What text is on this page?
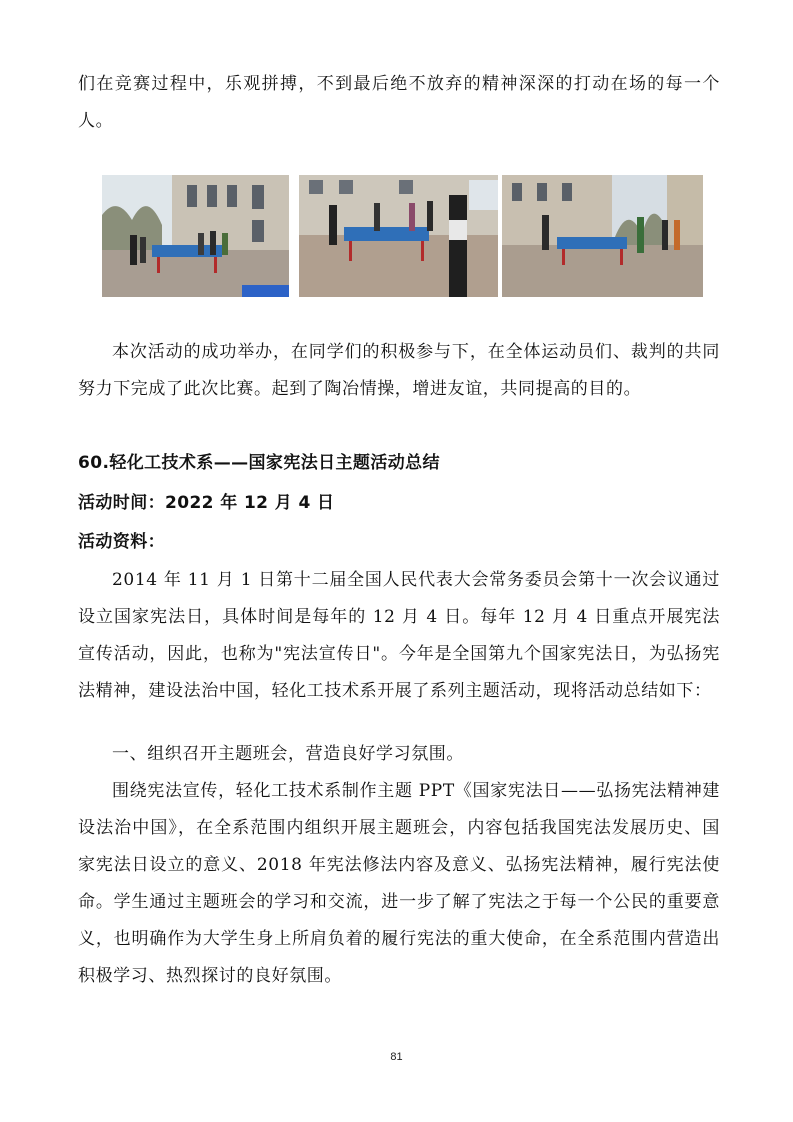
们在竞赛过程中，乐观拼搏，不到最后绝不放弃的精神深深的打动在场的每一个人。

本次活动的成功举办，在同学们的积极参与下，在全体运动员们、裁判的共同努力下完成了此次比赛。起到了陶冶情操，增进友谊，共同提高的目的。

60.轻化工技术系——国家宪法日主题活动总结
活动时间：2022 年 12 月 4 日
活动资料：

2014 年 11 月 1 日第十二届全国人民代表大会常务委员会第十一次会议通过设立国家宪法日，具体时间是每年的 12 月 4 日。每年 12 月 4 日重点开展宪法宣传活动，因此，也称为"宪法宣传日"。今年是全国第九个国家宪法日，为弘扬宪法精神，建设法治中国，轻化工技术系开展了系列主题活动，现将活动总结如下：

一、组织召开主题班会，营造良好学习氛围。

围绕宪法宣传，轻化工技术系制作主题 PPT《国家宪法日——弘扬宪法精神建设法治中国》，在全系范围内组织开展主题班会，内容包括我国宪法发展历史、国家宪法日设立的意义、2018 年宪法修法内容及意义、弘扬宪法精神，履行宪法使命。学生通过主题班会的学习和交流，进一步了解了宪法之于每一个公民的重要意义，也明确作为大学生身上所肩负着的履行宪法的重大使命，在全系范围内营造出积极学习、热烈探讨的良好氛围。

81
